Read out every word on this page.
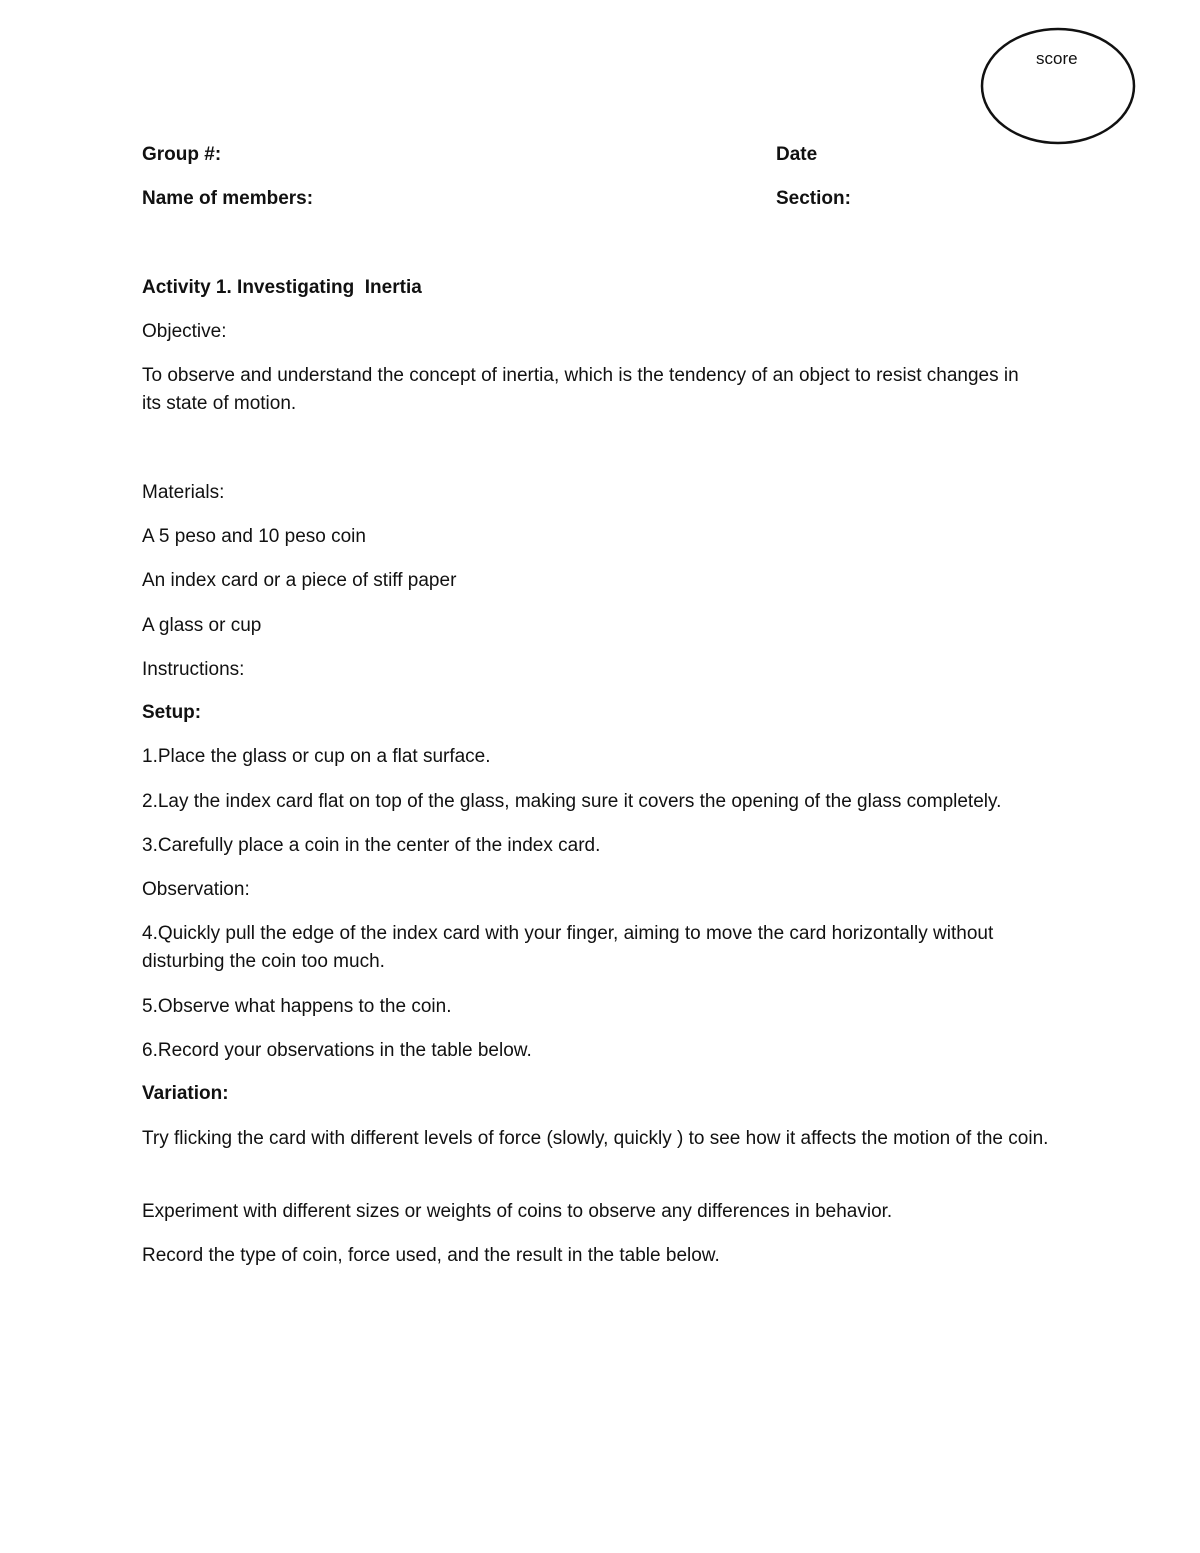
score
Group #:	Date
Name of members:	Section:
Activity 1. Investigating  Inertia
Objective:
To observe and understand the concept of inertia, which is the tendency of an object to resist changes in its state of motion.
Materials:
A 5 peso and 10 peso coin
An index card or a piece of stiff paper
A glass or cup
Instructions:
Setup:
1.Place the glass or cup on a flat surface.
2.Lay the index card flat on top of the glass, making sure it covers the opening of the glass completely.
3.Carefully place a coin in the center of the index card.
Observation:
4.Quickly pull the edge of the index card with your finger, aiming to move the card horizontally without disturbing the coin too much.
5.Observe what happens to the coin.
6.Record your observations in the table below.
Variation:
Try flicking the card with different levels of force (slowly, quickly ) to see how it affects the motion of the coin.
Experiment with different sizes or weights of coins to observe any differences in behavior.
Record the type of coin, force used, and the result in the table below.
